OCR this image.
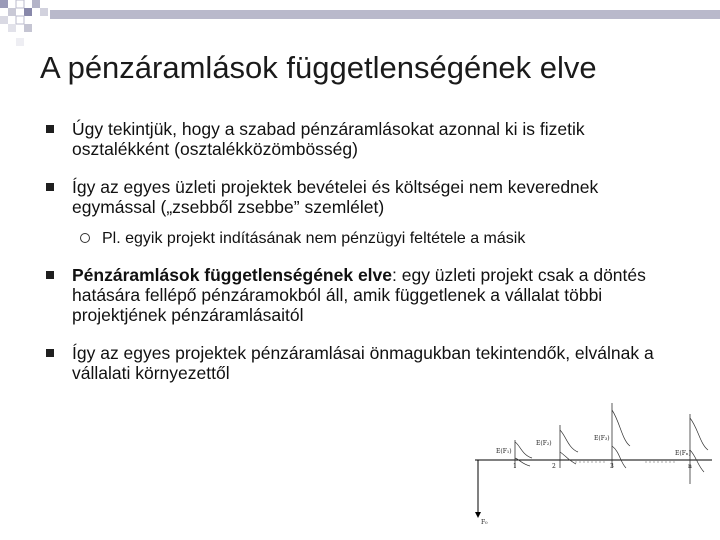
A pénzáramlások függetlenségének elve
Úgy tekintjük, hogy a szabad pénzáramlásokat azonnal ki is fizetik osztalékként (osztalékközömbösség)
Így az egyes üzleti projektek bevételei és költségei nem keverednek egymással („zsebből zsebbe” szemlélet)
Pl. egyik projekt indításának nem pénzügyi feltétele a másik
Pénzáramlások függetlenségének elve: egy üzleti projekt csak a döntés hatására fellépő pénzáramokból áll, amik függetlenek a vállalat többi projektjének pénzáramlásaitól
Így az egyes projektek pénzáramlásai önmagukban tekintendők, elválnak a vállalati környezettől
E(F₁)
E(F₂)
E(F₃)
E(Fₙ)
1	2	3	n
F₀
